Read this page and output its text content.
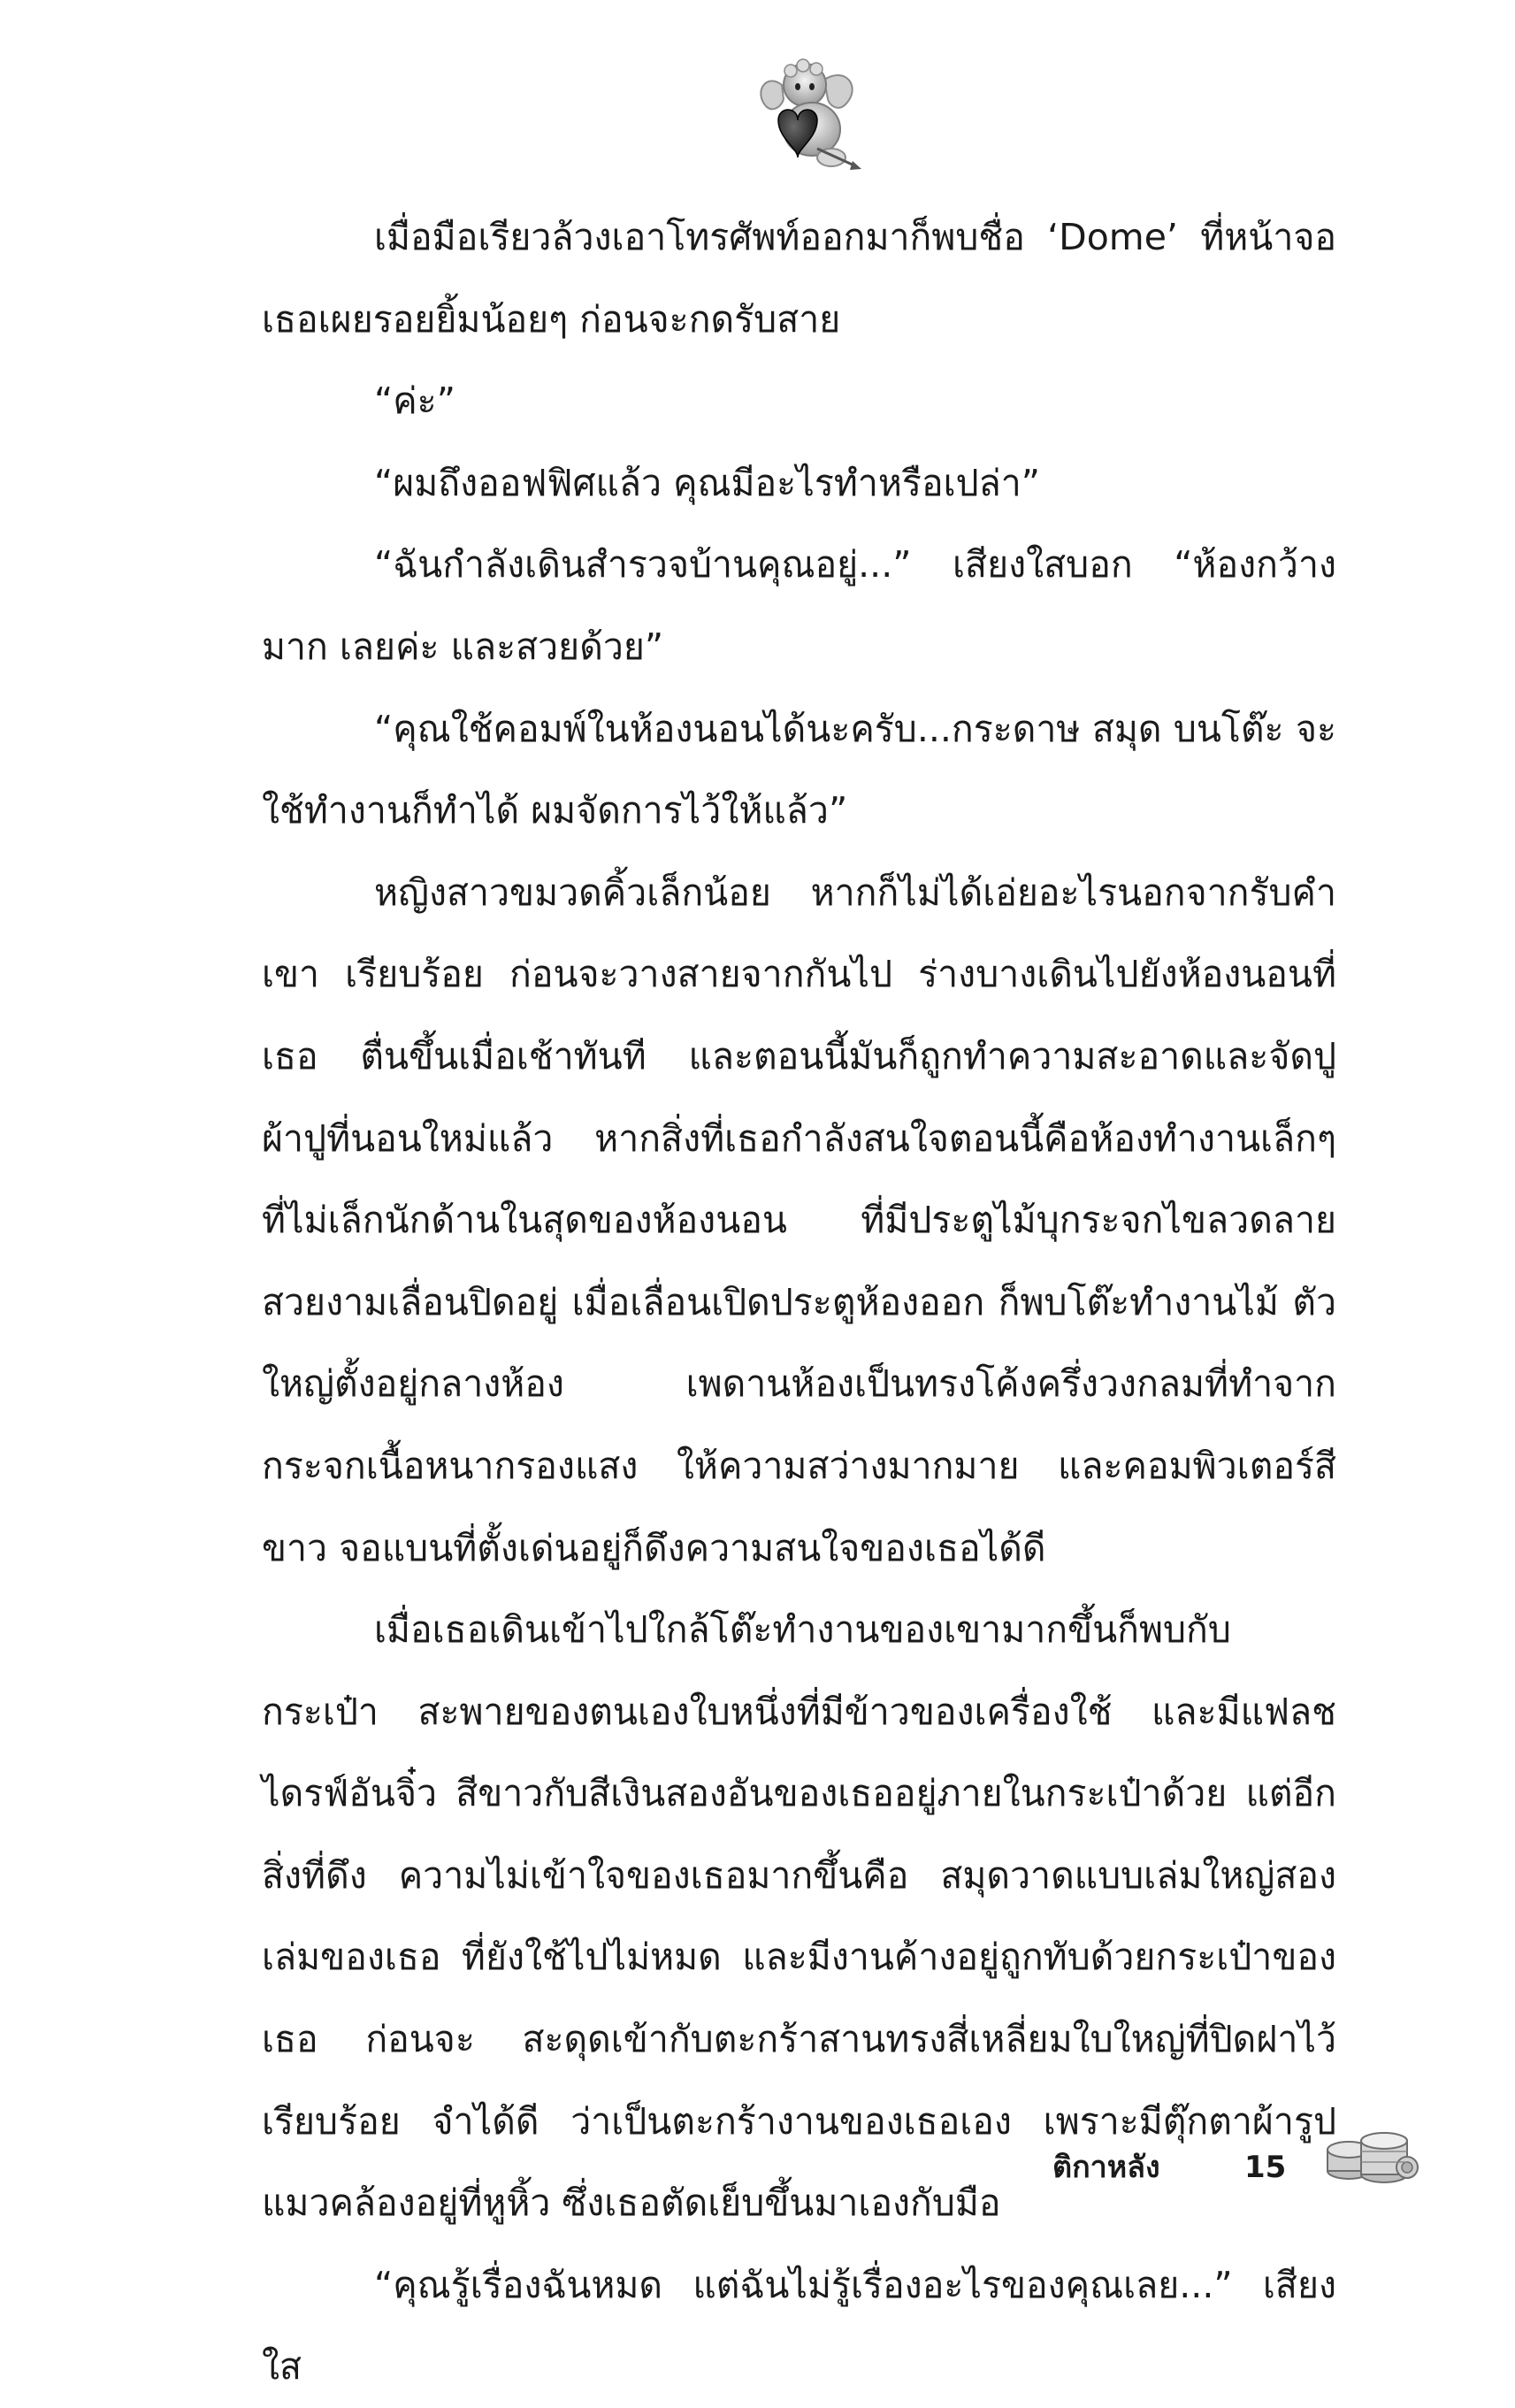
เมื่อมือเรียวล้วงเอาโทรศัพท์ออกมาก็พบชื่อ ‘Dome’ ที่หน้าจอ เธอเผยรอยยิ้มน้อยๆ ก่อนจะกดรับสาย

“ค่ะ”

“ผมถึงออฟฟิศแล้ว คุณมีอะไรทำหรือเปล่า”

“ฉันกำลังเดินสำรวจบ้านคุณอยู่...” เสียงใสบอก “ห้องกว้างมาก เลยค่ะ และสวยด้วย”

“คุณใช้คอมพ์ในห้องนอนได้นะครับ...กระดาษ สมุด บนโต๊ะ จะใช้ทำงานก็ทำได้ ผมจัดการไว้ให้แล้ว”

หญิงสาวขมวดคิ้วเล็กน้อย หากก็ไม่ได้เอ่ยอะไรนอกจากรับคำเขา เรียบร้อย ก่อนจะวางสายจากกันไป ร่างบางเดินไปยังห้องนอนที่เธอ ตื่นขึ้นเมื่อเช้าทันที และตอนนี้มันก็ถูกทำความสะอาดและจัดปู ผ้าปูที่นอนใหม่แล้ว หากสิ่งที่เธอกำลังสนใจตอนนี้คือห้องทำงานเล็กๆ ที่ไม่เล็กนักด้านในสุดของห้องนอน ที่มีประตูไม้บุกระจกไขลวดลาย สวยงามเลื่อนปิดอยู่ เมื่อเลื่อนเปิดประตูห้องออก ก็พบโต๊ะทำงานไม้ ตัวใหญ่ตั้งอยู่กลางห้อง เพดานห้องเป็นทรงโค้งครึ่งวงกลมที่ทำจาก กระจกเนื้อหนากรองแสง ให้ความสว่างมากมาย และคอมพิวเตอร์สีขาว จอแบนที่ตั้งเด่นอยู่ก็ดึงความสนใจของเธอได้ดี

เมื่อเธอเดินเข้าไปใกล้โต๊ะทำงานของเขามากขึ้นก็พบกับกระเป๋า สะพายของตนเองใบหนึ่งที่มีข้าวของเครื่องใช้ และมีแฟลชไดรฟ์อันจิ๋ว สีขาวกับสีเงินสองอันของเธออยู่ภายในกระเป๋าด้วย แต่อีกสิ่งที่ดึง ความไม่เข้าใจของเธอมากขึ้นคือ สมุดวาดแบบเล่มใหญ่สองเล่มของเธอ ที่ยังใช้ไปไม่หมด และมีงานค้างอยู่ถูกทับด้วยกระเป๋าของเธอ ก่อนจะ สะดุดเข้ากับตะกร้าสานทรงสี่เหลี่ยมใบใหญ่ที่ปิดฝาไว้เรียบร้อย จำได้ดี ว่าเป็นตะกร้างานของเธอเอง เพราะมีตุ๊กตาผ้ารูปแมวคล้องอยู่ที่หูหิ้ว ซึ่งเธอตัดเย็บขึ้นมาเองกับมือ

“คุณรู้เรื่องฉันหมด แต่ฉันไม่รู้เรื่องอะไรของคุณเลย...” เสียงใส

ติกาหลัง	15
